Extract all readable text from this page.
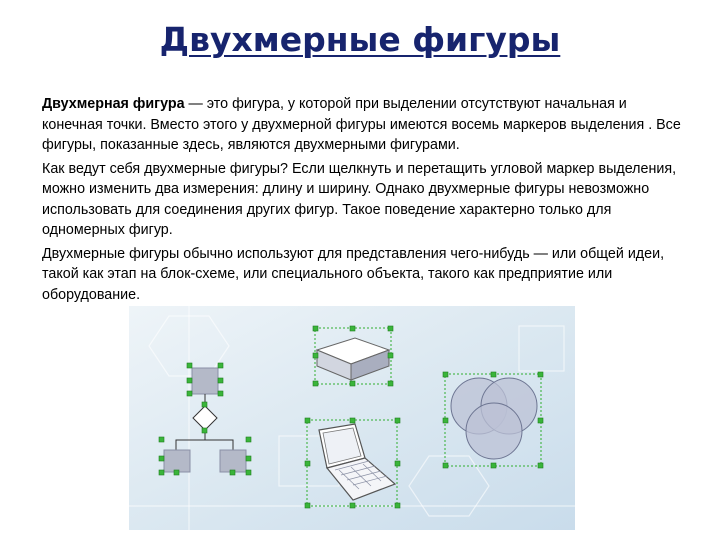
Двухмерные фигуры

Двухмерная фигура — это фигура, у которой при выделении отсутствуют начальная и конечная точки. Вместо этого у двухмерной фигуры имеются восемь маркеров выделения . Все фигуры, показанные здесь, являются двухмерными фигурами.

Как ведут себя двухмерные фигуры? Если щелкнуть и перетащить угловой маркер выделения, можно изменить два измерения: длину и ширину. Однако двухмерные фигуры невозможно использовать для соединения других фигур. Такое поведение характерно только для одномерных фигур.

Двухмерные фигуры обычно используют для представления чего-нибудь — или общей идеи, такой как этап на блок-схеме, или специального объекта, такого как предприятие или оборудование.
